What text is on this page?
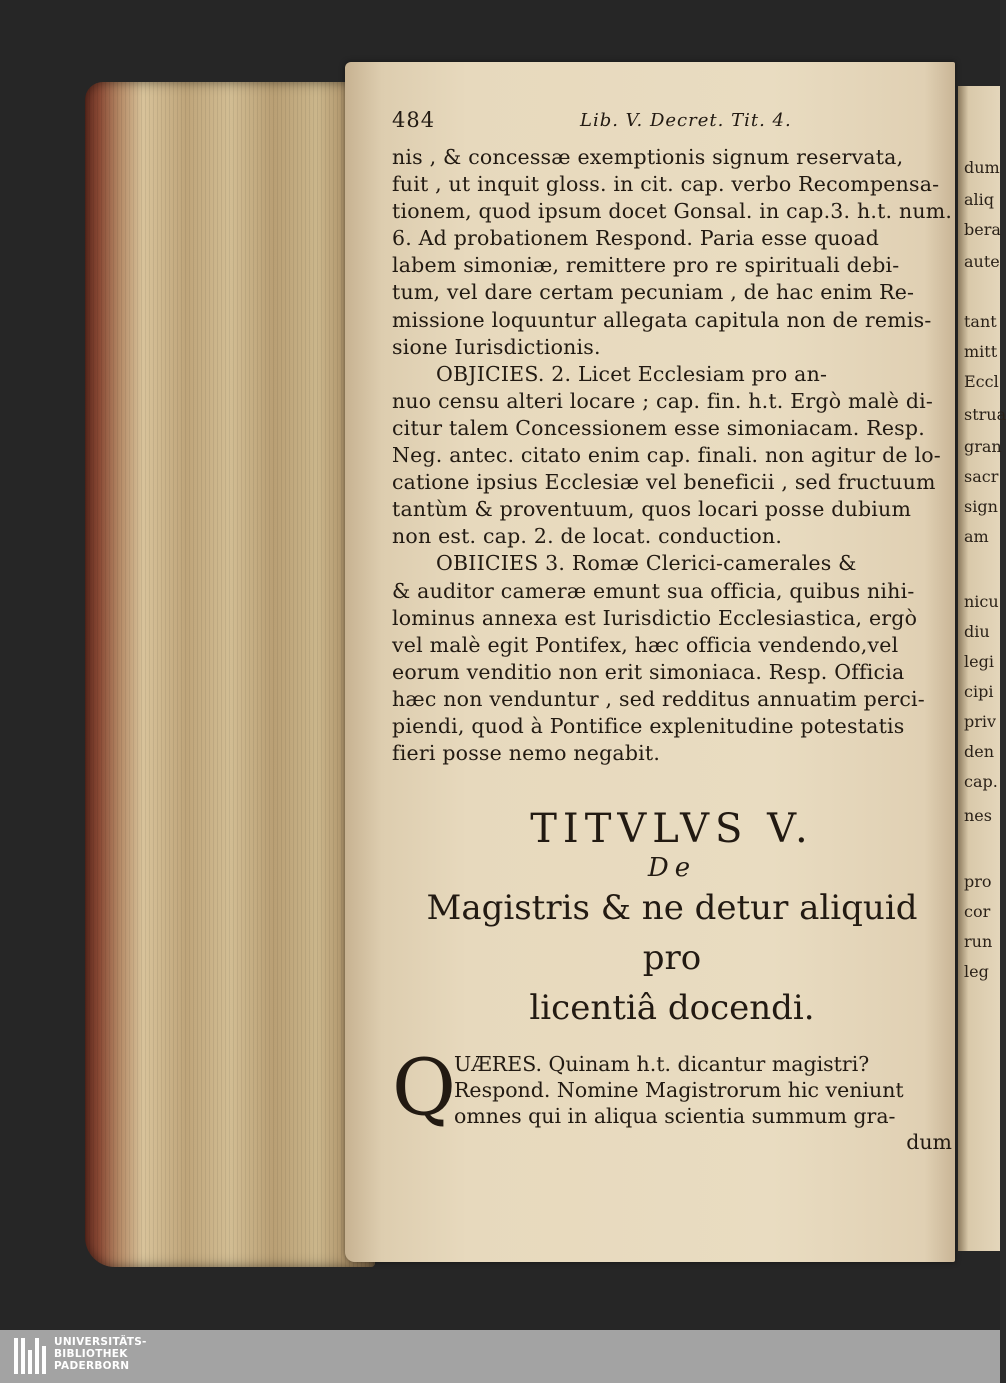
dum
aliq
bera
aute
tant
mitt
Eccl
strua
gran
sacr
sign
am
nicu
diu
legi
cipi
priv
den
cap.
nes
pro
cor
run
leg
484	Lib. V. Decret. Tit. 4.
nis , & concessæ exemptionis signum reservata,
fuit , ut inquit gloss. in cit. cap. verbo Recompensa-
tionem, quod ipsum docet Gonsal. in cap.3. h.t. num.
6. Ad probationem Respond. Paria esse quoad
labem simoniæ, remittere pro re spirituali debi-
tum, vel dare certam pecuniam , de hac enim Re-
missione loquuntur allegata capitula non de remis-
sione Iurisdictionis.
OBJICIES. 2. Licet Ecclesiam pro an-
nuo censu alteri locare ; cap. fin. h.t. Ergò malè di-
citur talem Concessionem esse simoniacam. Resp.
Neg. antec. citato enim cap. finali. non agitur de lo-
catione ipsius Ecclesiæ vel beneficii , sed fructuum
tantùm & proventuum, quos locari posse dubium
non est. cap. 2. de locat. conduction.
OBIICIES 3. Romæ Clerici-camerales &
& auditor cameræ emunt sua officia, quibus nihi-
lominus annexa est Iurisdictio Ecclesiastica, ergò
vel malè egit Pontifex, hæc officia vendendo,vel
eorum venditio non erit simoniaca. Resp. Officia
hæc non venduntur , sed redditus annuatim perci-
piendi, quod à Pontifice explenitudine potestatis
fieri posse nemo negabit.
TITVLVS V.
De
Magistris & ne detur aliquid pro
licentiâ docendi.
Q
UÆRES. Quinam h.t. dicantur magistri?
Respond. Nomine Magistrorum hic veniunt
omnes qui in aliqua scientia summum gra-
dum
UNIVERSITÄTS-
BIBLIOTHEK
PADERBORN
